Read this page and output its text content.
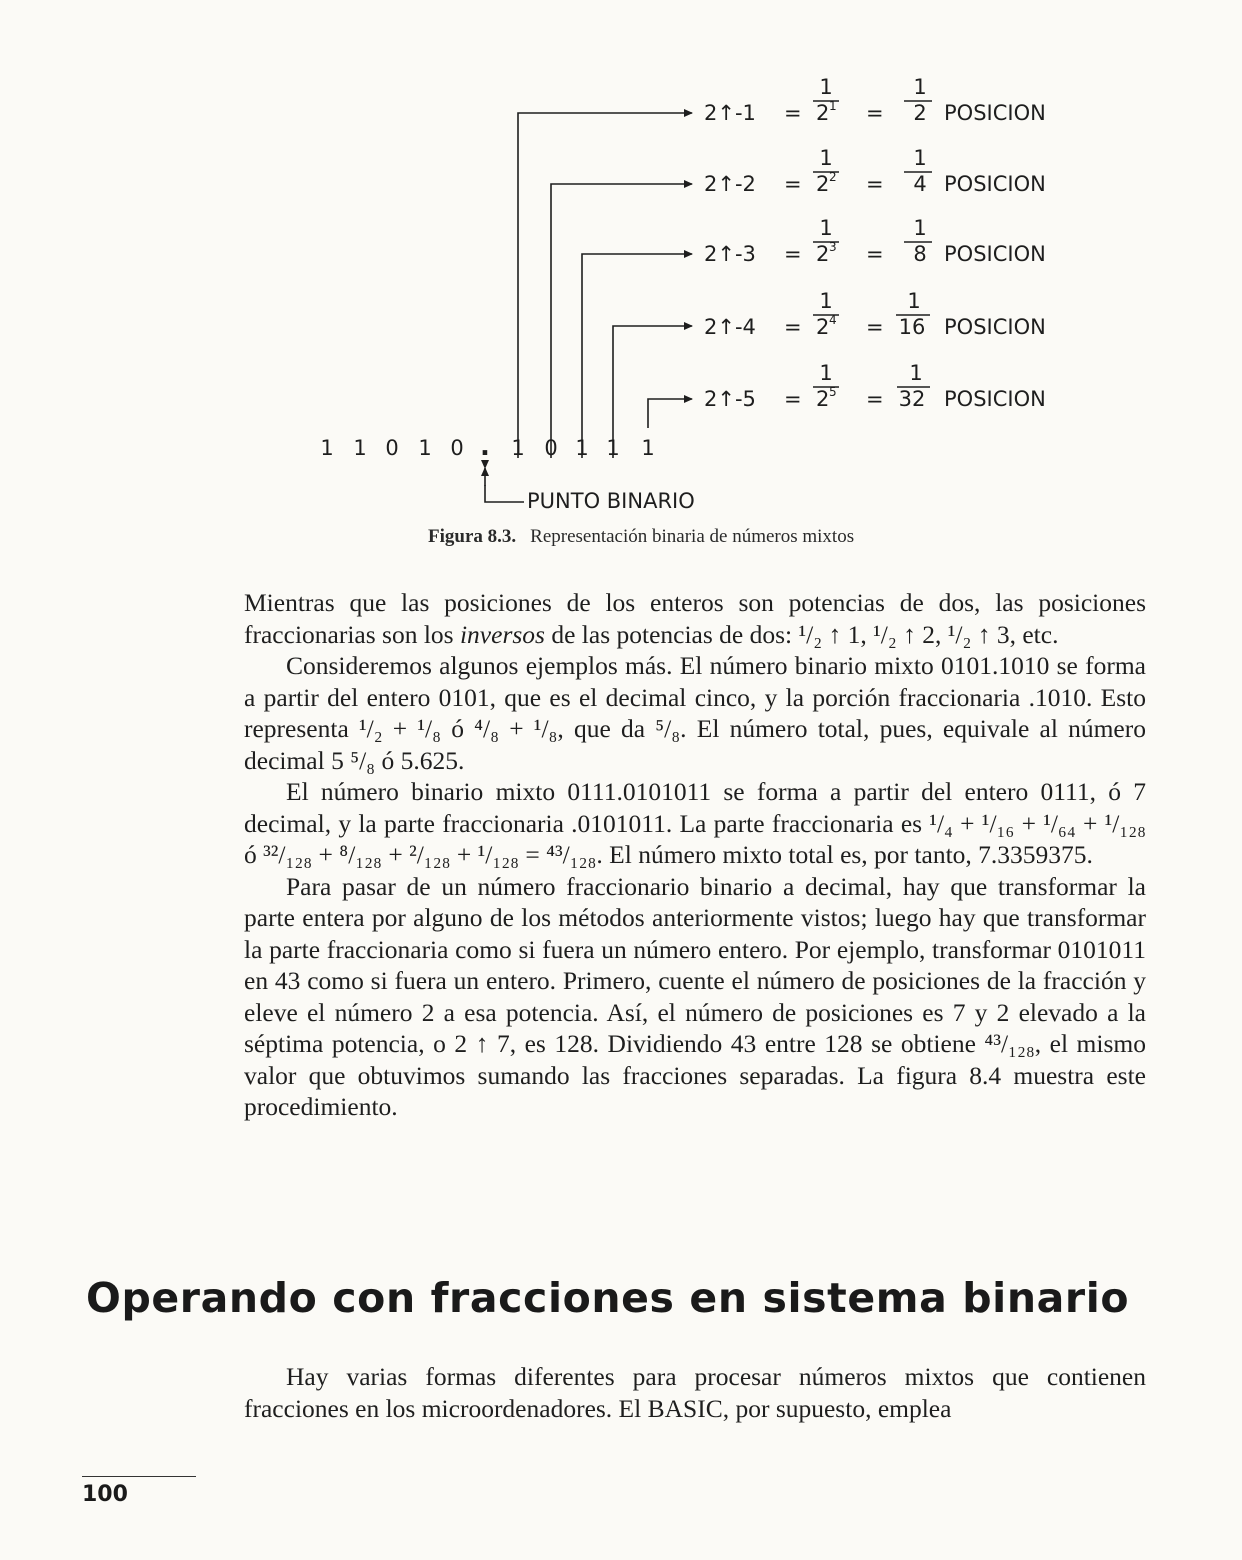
2↑-1 =
1
2 1 =
1
2 POSICION
2↑-2 =
1
2 2 =
1
4 POSICION
2↑-3 =
1
2 3 =
1
8 POSICION
2↑-4 =
1
2 4 =
1
16 POSICION
2↑-5 =
1
2 5 =
1
32 POSICION
1 1 0 1 0 . 1 0 1 1 1
PUNTO BINARIO
Figura 8.3. Representación binaria de números mixtos

Mientras que las posiciones de los enteros son potencias de dos, las posiciones fraccionarias son los inversos de las potencias de dos: ¹/₂ ↑ 1, ¹/₂ ↑ 2, ¹/₂ ↑ 3, etc.

Consideremos algunos ejemplos más. El número binario mixto 0101.1010 se forma a partir del entero 0101, que es el decimal cinco, y la porción fraccionaria .1010. Esto representa ¹/₂ + ¹/₈ ó ⁴/₈ + ¹/₈, que da ⁵/₈. El número total, pues, equivale al número decimal 5 ⁵/₈ ó 5.625.

El número binario mixto 0111.0101011 se forma a partir del entero 0111, ó 7 decimal, y la parte fraccionaria .0101011. La parte fraccionaria es ¹/₄ + ¹/₁₆ + ¹/₆₄ + ¹/₁₂₈ ó ³²/₁₂₈ + ⁸/₁₂₈ + ²/₁₂₈ + ¹/₁₂₈ = ⁴³/₁₂₈. El número mixto total es, por tanto, 7.3359375.

Para pasar de un número fraccionario binario a decimal, hay que transformar la parte entera por alguno de los métodos anteriormente vistos; luego hay que transformar la parte fraccionaria como si fuera un número entero. Por ejemplo, transformar 0101011 en 43 como si fuera un entero. Primero, cuente el número de posiciones de la fracción y eleve el número 2 a esa potencia. Así, el número de posiciones es 7 y 2 elevado a la séptima potencia, o 2 ↑ 7, es 128. Dividiendo 43 entre 128 se obtiene ⁴³/₁₂₈, el mismo valor que obtuvimos sumando las fracciones separadas. La figura 8.4 muestra este procedimiento.

Operando con fracciones en sistema binario

Hay varias formas diferentes para procesar números mixtos que contienen fracciones en los microordenadores. El BASIC, por supuesto, emplea

100
